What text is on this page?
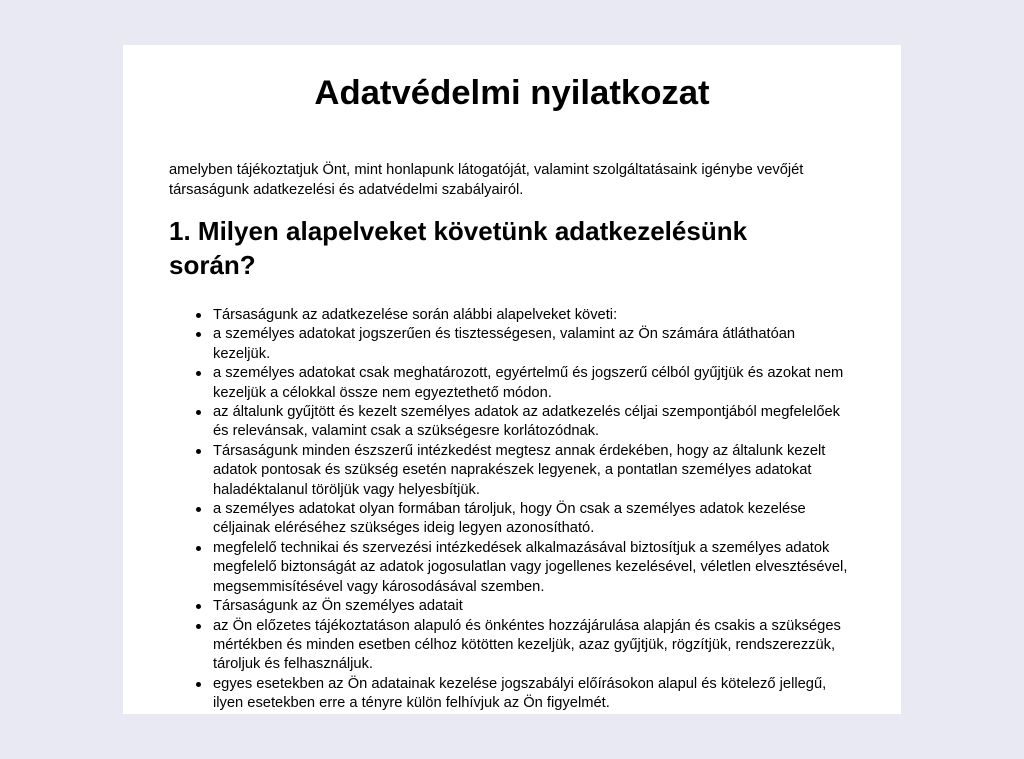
Adatvédelmi nyilatkozat

amelyben tájékoztatjuk Önt, mint honlapunk látogatóját, valamint szolgáltatásaink igénybe vevőjét társaságunk adatkezelési és adatvédelmi szabályairól.

1. Milyen alapelveket követünk adatkezelésünk során?
Társaságunk az adatkezelése során alábbi alapelveket követi:
a személyes adatokat jogszerűen és tisztességesen, valamint az Ön számára átláthatóan kezeljük.
a személyes adatokat csak meghatározott, egyértelmű és jogszerű célból gyűjtjük és azokat nem kezeljük a célokkal össze nem egyeztethető módon.
az általunk gyűjtött és kezelt személyes adatok az adatkezelés céljai szempontjából megfelelőek és relevánsak, valamint csak a szükségesre korlátozódnak.
Társaságunk minden észszerű intézkedést megtesz annak érdekében, hogy az általunk kezelt adatok pontosak és szükség esetén naprakészek legyenek, a pontatlan személyes adatokat haladéktalanul töröljük vagy helyesbítjük.
a személyes adatokat olyan formában tároljuk, hogy Ön csak a személyes adatok kezelése céljainak eléréséhez szükséges ideig legyen azonosítható.
megfelelő technikai és szervezési intézkedések alkalmazásával biztosítjuk a személyes adatok megfelelő biztonságát az adatok jogosulatlan vagy jogellenes kezelésével, véletlen elvesztésével, megsemmisítésével vagy károsodásával szemben.
Társaságunk az Ön személyes adatait
az Ön előzetes tájékoztatáson alapuló és önkéntes hozzájárulása alapján és csakis a szükséges mértékben és minden esetben célhoz kötötten kezeljük, azaz gyűjtjük, rögzítjük, rendszerezzük, tároljuk és felhasználjuk.
egyes esetekben az Ön adatainak kezelése jogszabályi előírásokon alapul és kötelező jellegű, ilyen esetekben erre a tényre külön felhívjuk az Ön figyelmét.
